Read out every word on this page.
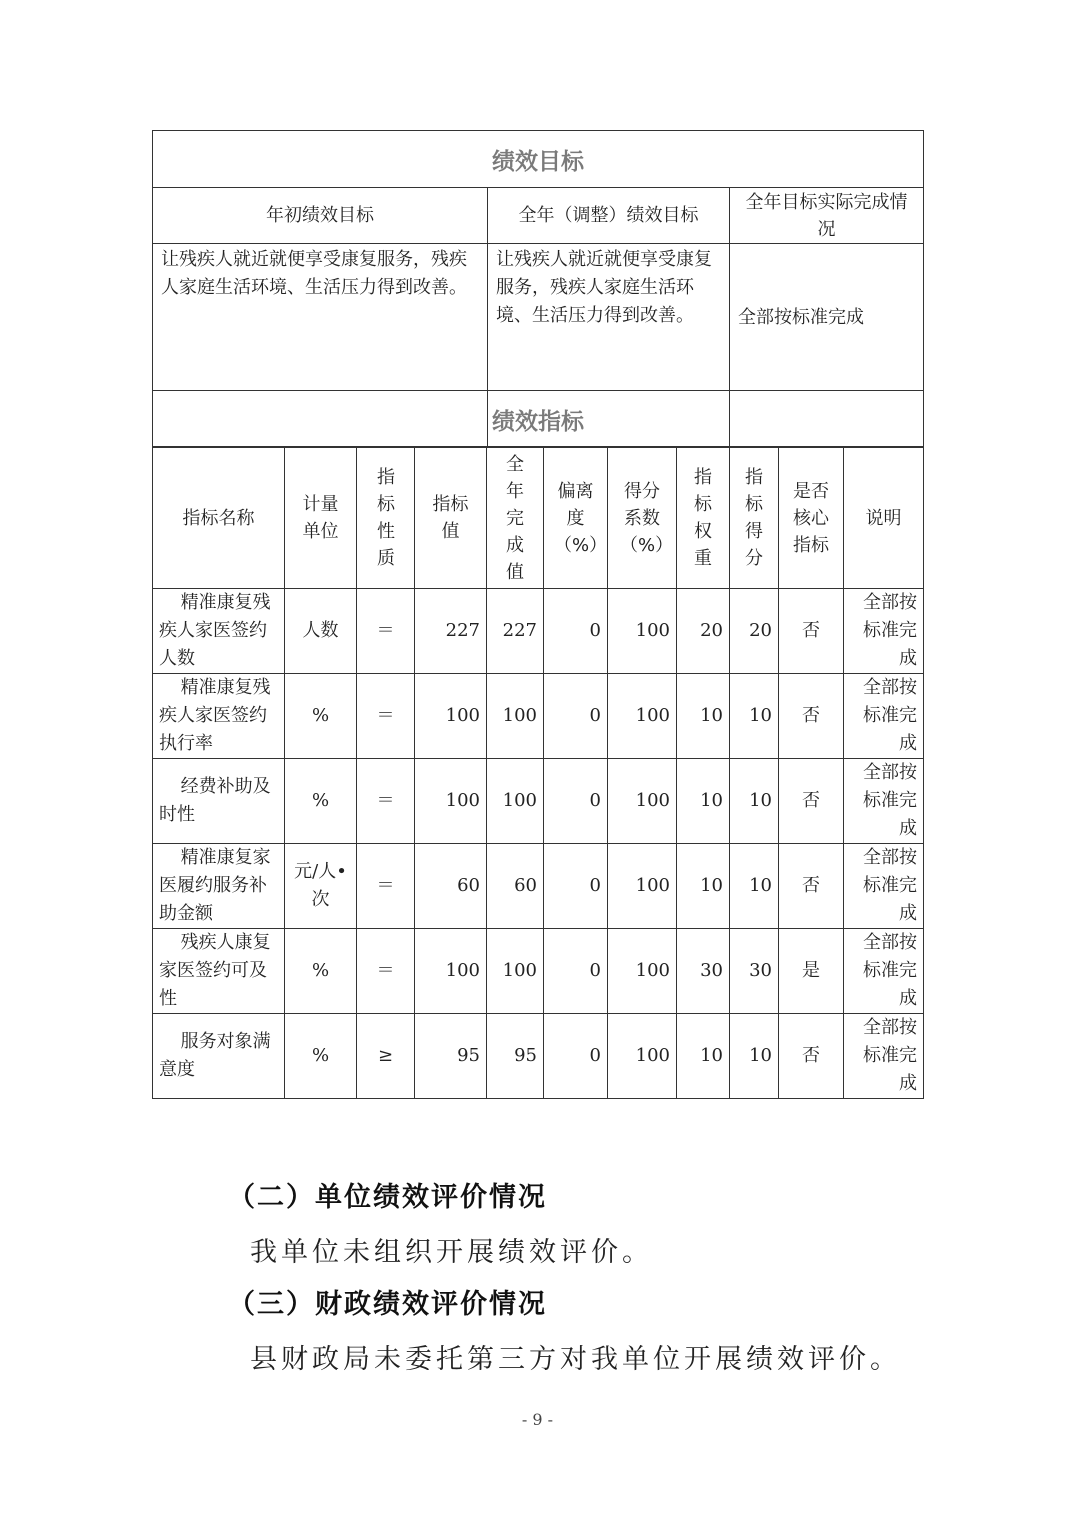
绩效目标		
年初绩效目标	全年（调整）绩效目标	全年目标实际完成情况
让残疾人就近就便享受康复服务，残疾人家庭生活环境、生活压力得到改善。	让残疾人就近就便享受康复服务，残疾人家庭生活环境、生活压力得到改善。	全部按标准完成
绩效指标										
指标名称	计量单位	指标性质	指标值	全年完成值	偏离度（%）	得分系数（%）	指标权重	指标得分	是否核心指标	说明
精准康复残疾人家医签约人数	人数	＝	227	227	0	100	20	20	否	全部按标准完成
精准康复残疾人家医签约执行率	%	＝	100	100	0	100	10	10	否	全部按标准完成
经费补助及时性	%	＝	100	100	0	100	10	10	否	全部按标准完成
精准康复家医履约服务补助金额	元/人•次	＝	60	60	0	100	10	10	否	全部按标准完成
残疾人康复家医签约可及性	%	＝	100	100	0	100	30	30	是	全部按标准完成
服务对象满意度	%	≥	95	95	0	100	10	10	否	全部按标准完成
（二）单位绩效评价情况
我单位未组织开展绩效评价。
（三）财政绩效评价情况
县财政局未委托第三方对我单位开展绩效评价。
- 9 -
